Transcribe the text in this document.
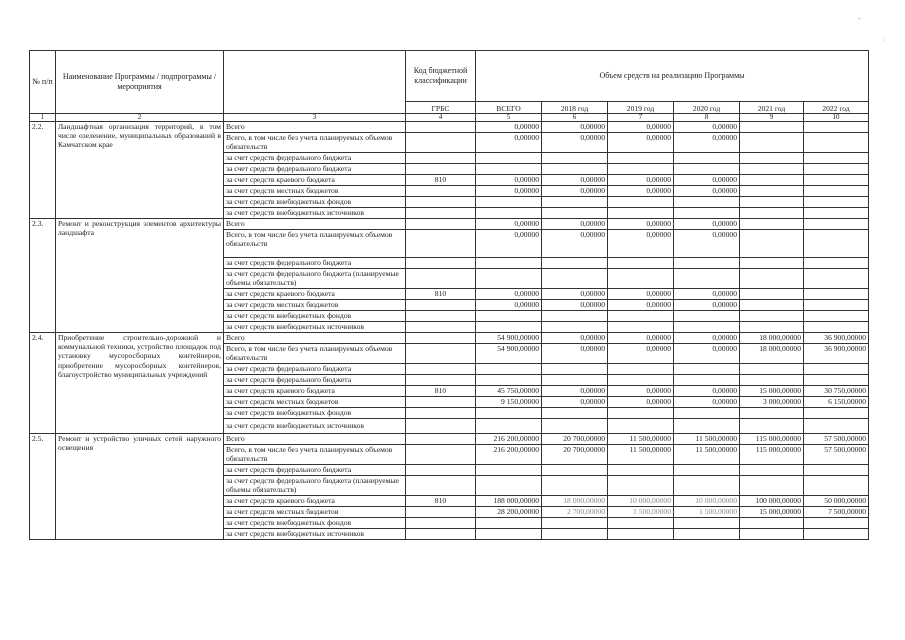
-
·
№ п/п	Наименование Программы / подпрограммы / мероприятия		Код бюджетной классификации	Объем средств на реализацию Программы					
			ГРБС	ВСЕГО	2018 год	2019 год	2020 год	2021 год	2022 год
1	2	3	4	5	6	7	8	9	10
2.2.	Ландшафтная организация территорий, в том числе озеленение, муниципальных образований в Камчатском крае	Всего		0,00000	0,00000	0,00000	0,00000		
		Всего, в том числе без учета планируемых объемов обязательств		0,00000	0,00000	0,00000	0,00000		
		за счет средств федерального бюджета							
		за счет средств федерального бюджета							
		за счет средств краевого бюджета	810	0,00000	0,00000	0,00000	0,00000		
		за счет средств местных бюджетов		0,00000	0,00000	0,00000	0,00000		
		за счет средств внебюджетных фондов							
		за счет средств внебюджетных источников							
2.3.	Ремонт и реконструкция элементов архитектуры ландшафта	Всего		0,00000	0,00000	0,00000	0,00000		
		Всего, в том числе без учета планируемых объемов обязательств		0,00000	0,00000	0,00000	0,00000		
		за счет средств федерального бюджета							
		за счет средств федерального бюджета (планируемые объемы обязательств)							
		за счет средств краевого бюджета	810	0,00000	0,00000	0,00000	0,00000		
		за счет средств местных бюджетов		0,00000	0,00000	0,00000	0,00000		
		за счет средств внебюджетных фондов							
		за счет средств внебюджетных источников							
2.4.	Приобретение строительно-дорожной и коммунальной техники, устройство площадок под установку мусоросборных контейнеров, приобретение мусоросборных контейнеров, благоустройство муниципальных учреждений	Всего		54 900,00000	0,00000	0,00000	0,00000	18 000,00000	36 900,00000
		Всего, в том числе без учета планируемых объемов обязательств		54 900,00000	0,00000	0,00000	0,00000	18 000,00000	36 900,00000
		за счет средств федерального бюджета							
		за счет средств федерального бюджета							
		за счет средств краевого бюджета	810	45 750,00000	0,00000	0,00000	0,00000	15 000,00000	30 750,00000
		за счет средств местных бюджетов		9 150,00000	0,00000	0,00000	0,00000	3 000,00000	6 150,00000
		за счет средств внебюджетных фондов							
		за счет средств внебюджетных источников							
2.5.	Ремонт и устройство уличных сетей наружного освещения	Всего		216 200,00000	20 700,00000	11 500,00000	11 500,00000	115 000,00000	57 500,00000
		Всего, в том числе без учета планируемых объемов обязательств		216 200,00000	20 700,00000	11 500,00000	11 500,00000	115 000,00000	57 500,00000
		за счет средств федерального бюджета							
		за счет средств федерального бюджета (планируемые объемы обязательств)							
		за счет средств краевого бюджета	810	188 000,00000	18 000,00000	10 000,00000	10 000,00000	100 000,00000	50 000,00000
		за счет средств местных бюджетов		28 200,00000	2 700,00000	1 500,00000	1 500,00000	15 000,00000	7 500,00000
		за счет средств внебюджетных фондов							
		за счет средств внебюджетных источников							
